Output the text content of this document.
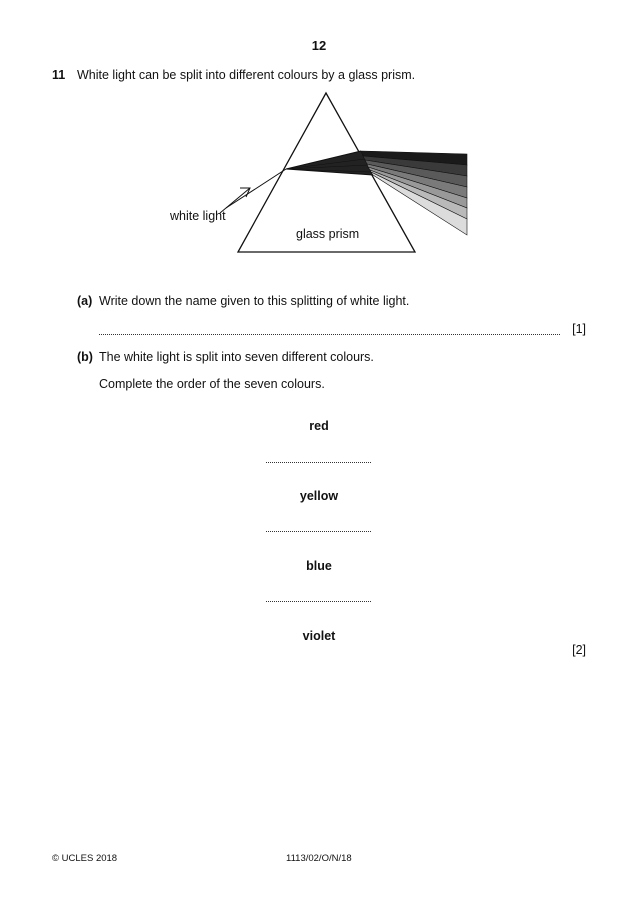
12
11 White light can be split into different colours by a glass prism.
white light
glass prism
(a) Write down the name given to this splitting of white light.
[1]
(b) The white light is split into seven different colours.
Complete the order of the seven colours.
red
yellow
blue
violet
[2]
© UCLES 2018	1113/02/O/N/18
